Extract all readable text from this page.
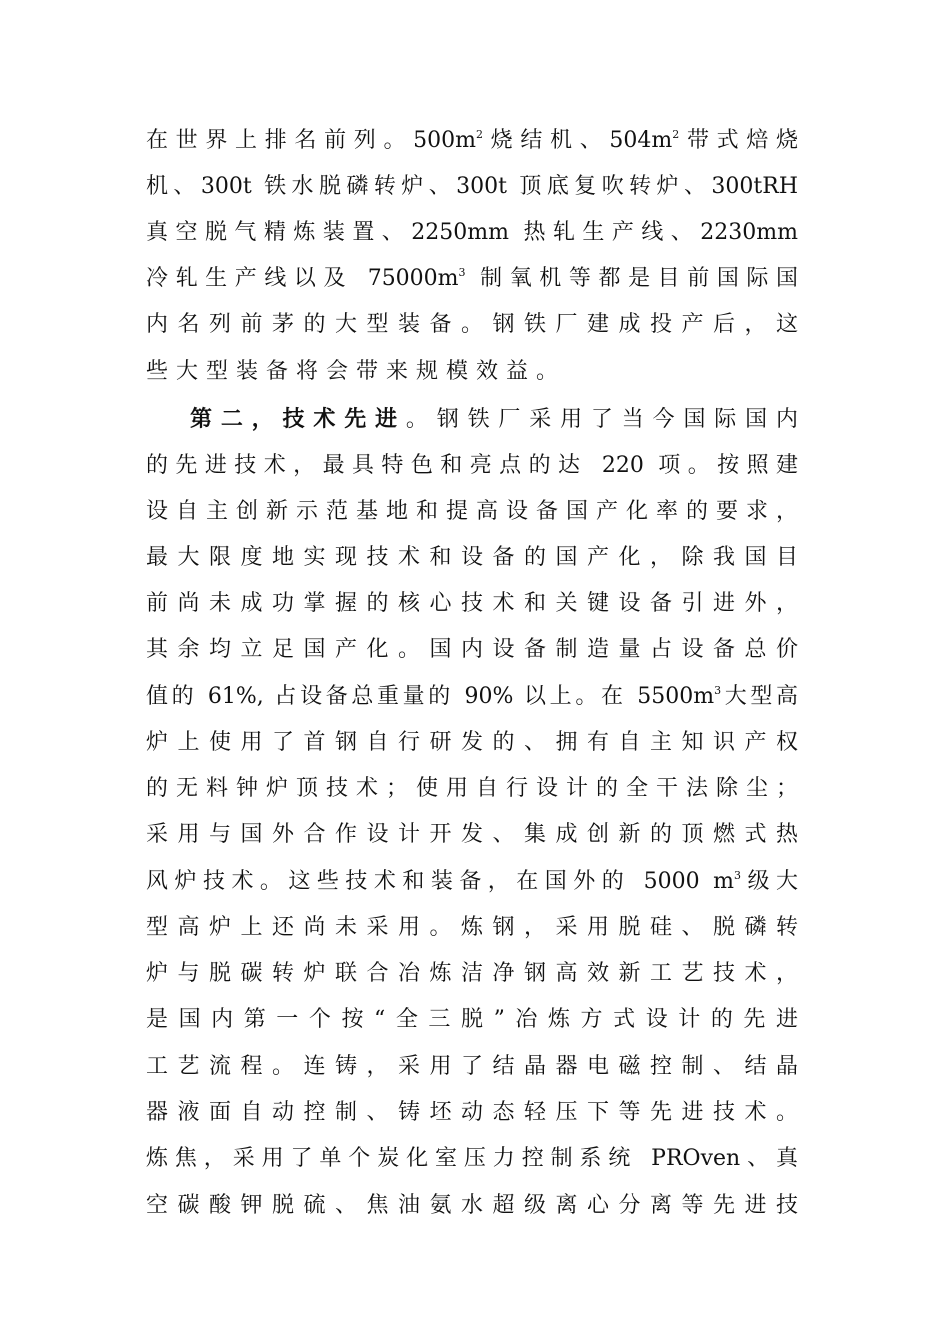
在世界上排名前列。$500m^2$烧结机、$504m^2$带式焙烧
机、300t 铁水脱磷转炉、300t 顶底复吹转炉、300tRH
真空脱气精炼装置、2250mm 热轧生产线、2230mm
冷轧生产线以及 $75000m^3$ 制氧机等都是目前国际国
内名列前茅的大型装备。钢铁厂建成投产后，这
些大型装备将会带来规模效益。
第二，技术先进。钢铁厂采用了当今国际国内
的先进技术，最具特色和亮点的达 220 项。按照建
设自主创新示范基地和提高设备国产化率的要求，
最大限度地实现技术和设备的国产化，除我国目
前尚未成功掌握的核心技术和关键设备引进外，
其余均立足国产化。国内设备制造量占设备总价
值的 61%, 占设备总重量的 90% 以上。在 $5500m^3$大型高
炉上使用了首钢自行研发的、拥有自主知识产权
的无料钟炉顶技术；使用自行设计的全干法除尘；
采用与国外合作设计开发、集成创新的顶燃式热
风炉技术。这些技术和装备，在国外的 5000 $m^3$级大
型高炉上还尚未采用。炼钢，采用脱硅、脱磷转
炉与脱碳转炉联合冶炼洁净钢高效新工艺技术，
是国内第一个按“全三脱”冶炼方式设计的先进
工艺流程。连铸，采用了结晶器电磁控制、结晶
器液面自动控制、铸坯动态轻压下等先进技术。
炼焦，采用了单个炭化室压力控制系统 PROven、真
空碳酸钾脱硫、焦油氨水超级离心分离等先进技
